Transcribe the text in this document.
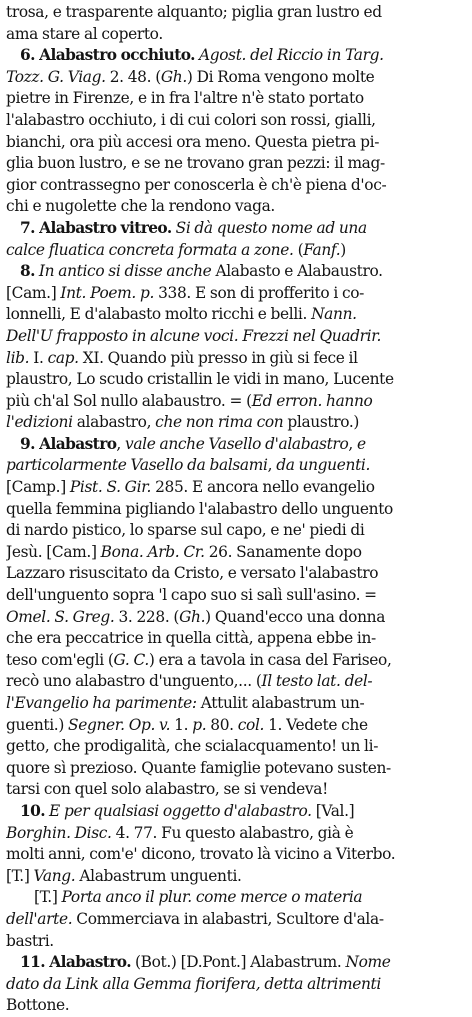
trosa, e trasparente alquanto; piglia gran lustro ed
ama stare al coperto.
6. Alabastro occhiuto. Agost. del Riccio in Targ.
Tozz. G. Viag. 2. 48. (Gh.) Di Roma vengono molte
pietre in Firenze, e in fra l'altre n'è stato portato
l'alabastro occhiuto, i di cui colori son rossi, gialli,
bianchi, ora più accesi ora meno. Questa pietra pi-
glia buon lustro, e se ne trovano gran pezzi: il mag-
gior contrassegno per conoscerla è ch'è piena d'oc-
chi e nugolette che la rendono vaga.
7. Alabastro vitreo. Si dà questo nome ad una
calce fluatica concreta formata a zone. (Fanf.)
8. In antico si disse anche Alabasto e Alabaustro.
[Cam.] Int. Poem. p. 338. E son di profferito i co-
lonnelli, E d'alabasto molto ricchi e belli. Nann.
Dell'U frapposto in alcune voci. Frezzi nel Quadrir.
lib. I. cap. XI. Quando più presso in giù si fece il
plaustro, Lo scudo cristallin le vidi in mano, Lucente
più ch'al Sol nullo alabaustro. = (Ed erron. hanno
l'edizioni alabastro, che non rima con plaustro.)
9. Alabastro, vale anche Vasello d'alabastro, e
particolarmente Vasello da balsami, da unguenti.
[Camp.] Pist. S. Gir. 285. E ancora nello evangelio
quella femmina pigliando l'alabastro dello unguento
di nardo pistico, lo sparse sul capo, e ne' piedi di
Jesù. [Cam.] Bona. Arb. Cr. 26. Sanamente dopo
Lazzaro risuscitato da Cristo, e versato l'alabastro
dell'unguento sopra 'l capo suo si salì sull'asino. =
Omel. S. Greg. 3. 228. (Gh.) Quand'ecco una donna
che era peccatrice in quella città, appena ebbe in-
teso com'egli (G. C.) era a tavola in casa del Fariseo,
recò uno alabastro d'unguento,... (Il testo lat. del-
l'Evangelio ha parimente: Attulit alabastrum un-
guenti.) Segner. Op. v. 1. p. 80. col. 1. Vedete che
getto, che prodigalità, che scialacquamento! un li-
quore sì prezioso. Quante famiglie potevano susten-
tarsi con quel solo alabastro, se si vendeva!
10. E per qualsiasi oggetto d'alabastro. [Val.]
Borghin. Disc. 4. 77. Fu questo alabastro, già è
molti anni, com'e' dicono, trovato là vicino a Viterbo.
[T.] Vang. Alabastrum unguenti.
[T.] Porta anco il plur. come merce o materia
dell'arte. Commerciava in alabastri, Scultore d'ala-
bastri.
11. Alabastro. (Bot.) [D.Pont.] Alabastrum. Nome
dato da Link alla Gemma fiorifera, detta altrimenti
Bottone.
